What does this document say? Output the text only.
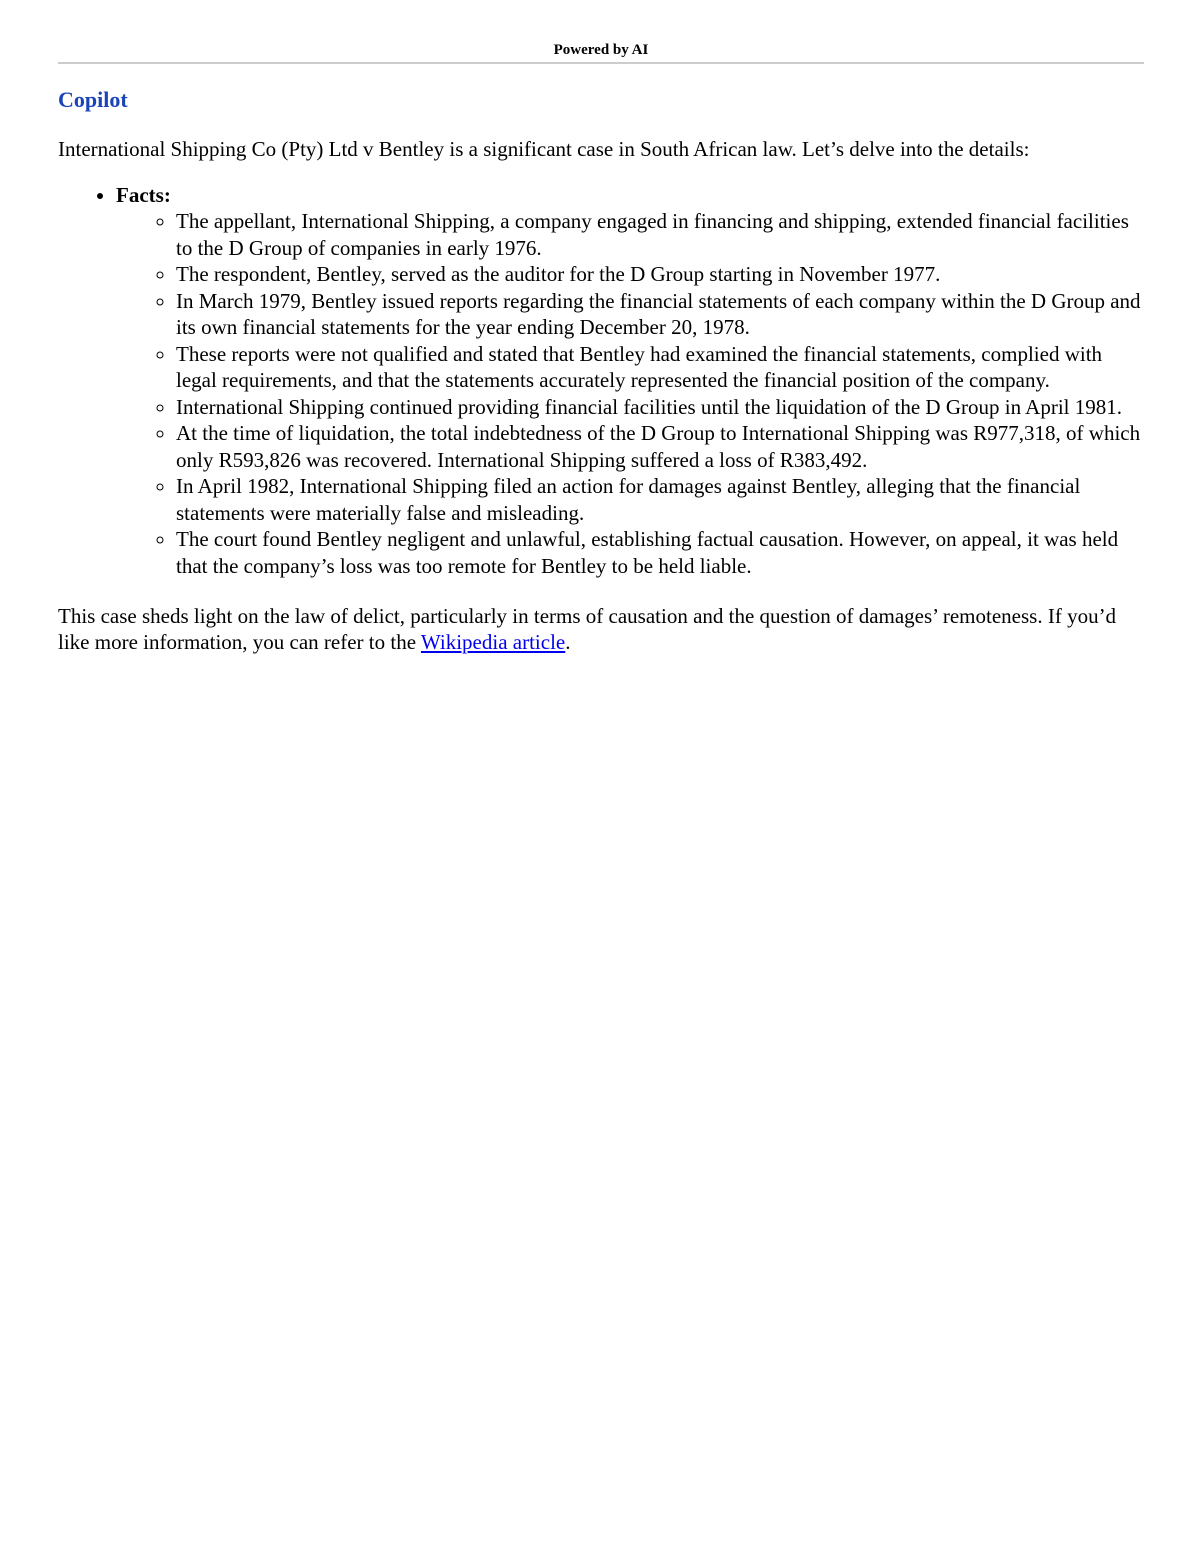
Powered by AI
Copilot

International Shipping Co (Pty) Ltd v Bentley is a significant case in South African law. Let’s delve into the details:

• Facts:
◦ The appellant, International Shipping, a company engaged in financing and shipping, extended financial facilities to the D Group of companies in early 1976.
◦ The respondent, Bentley, served as the auditor for the D Group starting in November 1977.
◦ In March 1979, Bentley issued reports regarding the financial statements of each company within the D Group and its own financial statements for the year ending December 20, 1978.
◦ These reports were not qualified and stated that Bentley had examined the financial statements, complied with legal requirements, and that the statements accurately represented the financial position of the company.
◦ International Shipping continued providing financial facilities until the liquidation of the D Group in April 1981.
◦ At the time of liquidation, the total indebtedness of the D Group to International Shipping was R977,318, of which only R593,826 was recovered. International Shipping suffered a loss of R383,492.
◦ In April 1982, International Shipping filed an action for damages against Bentley, alleging that the financial statements were materially false and misleading.
◦ The court found Bentley negligent and unlawful, establishing factual causation. However, on appeal, it was held that the company’s loss was too remote for Bentley to be held liable.

This case sheds light on the law of delict, particularly in terms of causation and the question of damages’ remoteness. If you’d like more information, you can refer to the Wikipedia article.
